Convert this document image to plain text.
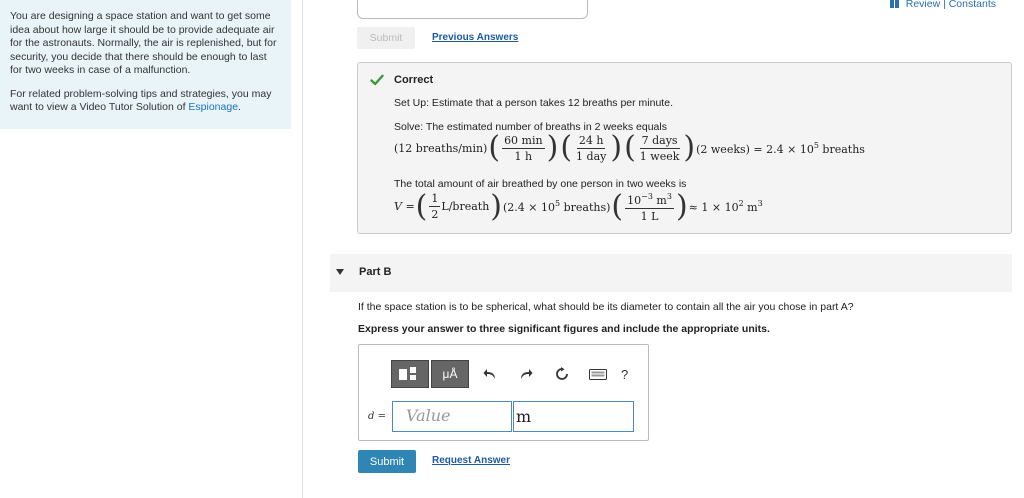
You are designing a space station and want to get some idea about how large it should be to provide adequate air for the astronauts. Normally, the air is replenished, but for security, you decide that there should be enough to last for two weeks in case of a malfunction.

For related problem-solving tips and strategies, you may want to view a Video Tutor Solution of Espionage.

Review | Constants
Submit	Previous Answers
Correct
Set Up: Estimate that a person takes 12 breaths per minute.
Solve: The estimated number of breaths in 2 weeks equals
(12 breaths/min) ( $\frac{60 \min}{1 h}$ ) ( $\frac{24 h}{\text{1 day}}$ ) ( $\frac{\text{7 days}}{\text{1 week}}$ ) (2 weeks) = $2.4 \times 10^5$ breaths
The total amount of air breathed by one person in two weeks is
V = ( $\frac{1}{2}$ L/breath ) ($2.4 \times 10^5$ breaths) ( $\frac{10^{-3} m^3}{1 L}$ ) ≈ $1 \times 10^2$ $m^3$
Part B
If the space station is to be spherical, what should be its diameter to contain all the air you chose in part A?
Express your answer to three significant figures and include the appropriate units.
μÅ	?
d =	Value	m
Submit	Request Answer
